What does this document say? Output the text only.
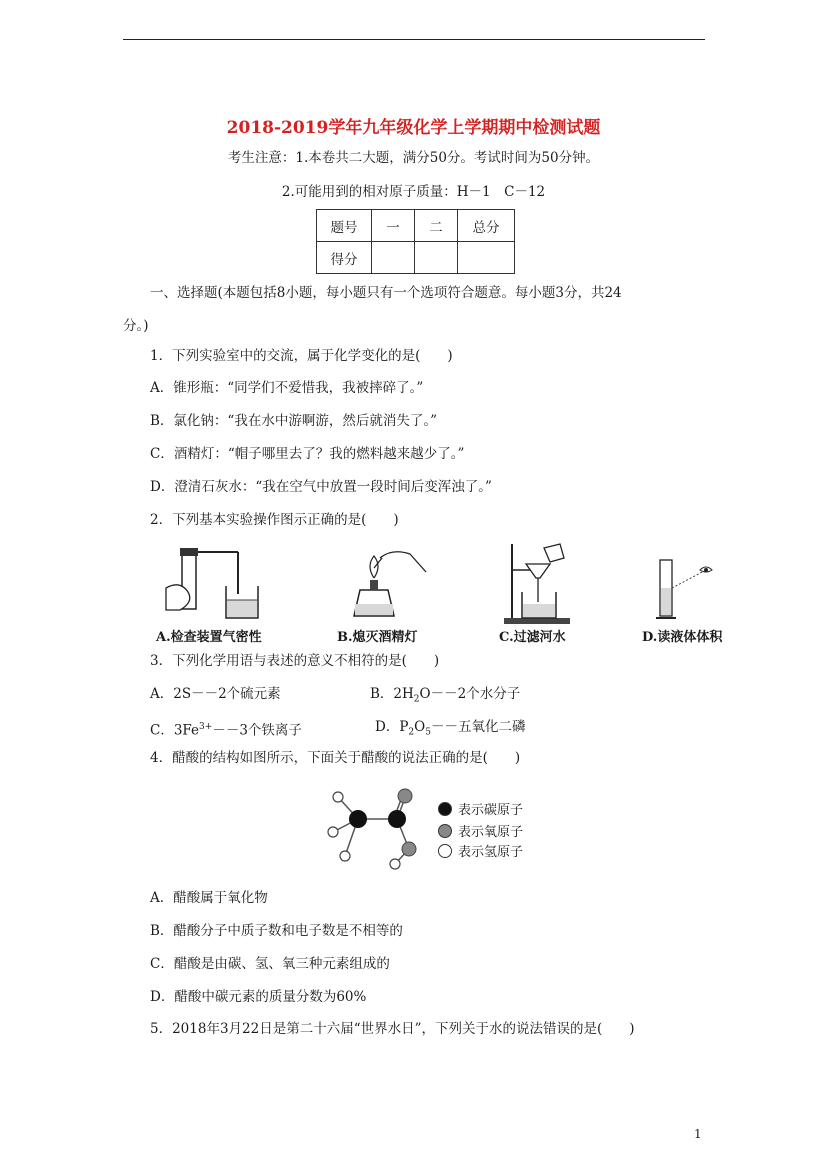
2018-2019学年九年级化学上学期期中检测试题
考生注意：1.本卷共二大题，满分50分。考试时间为50分钟。
2.可能用到的相对原子质量：H－1　C－12
题号	一	二	总分
得分			
一、选择题(本题包括8小题，每小题只有一个选项符合题意。每小题3分，共24
分。)
1．下列实验室中的交流，属于化学变化的是(　　)
A．锥形瓶：“同学们不爱惜我，我被摔碎了。”
B．氯化钠：“我在水中游啊游，然后就消失了。”
C．酒精灯：“帽子哪里去了？我的燃料越来越少了。”
D．澄清石灰水：“我在空气中放置一段时间后变浑浊了。”
2．下列基本实验操作图示正确的是(　　)
A.检查装置气密性	B.熄灭酒精灯	C.过滤河水	D.读液体体积
3．下列化学用语与表述的意义不相符的是(　　)
A．2S－－2个硫元素	B．$2H_2O--2$个水分子
C．$3Fe^{3+}--3$个铁离子	D．$P_2O_5--$五氧化二磷
4．醋酸的结构如图所示，下面关于醋酸的说法正确的是(　　)
表示碳原子
表示氧原子
表示氢原子
A．醋酸属于氧化物
B．醋酸分子中质子数和电子数是不相等的
C．醋酸是由碳、氢、氧三种元素组成的
D．醋酸中碳元素的质量分数为60%
5．2018年3月22日是第二十六届“世界水日”，下列关于水的说法错误的是(　　)
1
